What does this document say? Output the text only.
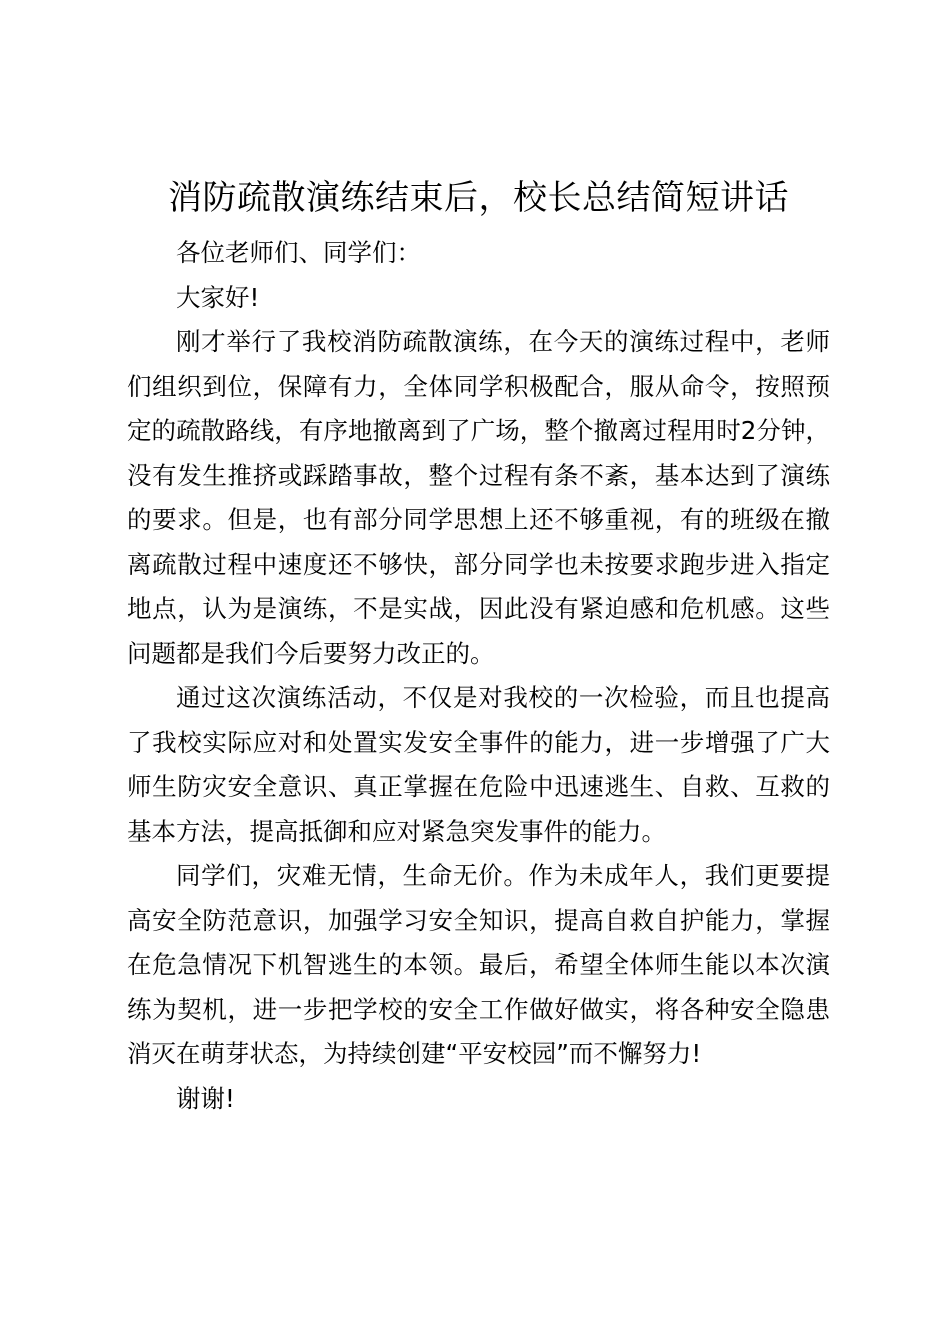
消防疏散演练结束后，校长总结简短讲话

各位老师们、同学们：

大家好!

刚才举行了我校消防疏散演练，在今天的演练过程中，老师们组织到位，保障有力，全体同学积极配合，服从命令，按照预定的疏散路线，有序地撤离到了广场，整个撤离过程用时2分钟，没有发生推挤或踩踏事故，整个过程有条不紊，基本达到了演练的要求。但是，也有部分同学思想上还不够重视，有的班级在撤离疏散过程中速度还不够快，部分同学也未按要求跑步进入指定地点，认为是演练，不是实战，因此没有紧迫感和危机感。这些问题都是我们今后要努力改正的。

通过这次演练活动，不仅是对我校的一次检验，而且也提高了我校实际应对和处置实发安全事件的能力，进一步增强了广大师生防灾安全意识、真正掌握在危险中迅速逃生、自救、互救的基本方法，提高抵御和应对紧急突发事件的能力。

同学们，灾难无情，生命无价。作为未成年人，我们更要提高安全防范意识，加强学习安全知识，提高自救自护能力，掌握在危急情况下机智逃生的本领。最后，希望全体师生能以本次演练为契机，进一步把学校的安全工作做好做实，将各种安全隐患消灭在萌芽状态，为持续创建“平安校园”而不懈努力!

谢谢!
